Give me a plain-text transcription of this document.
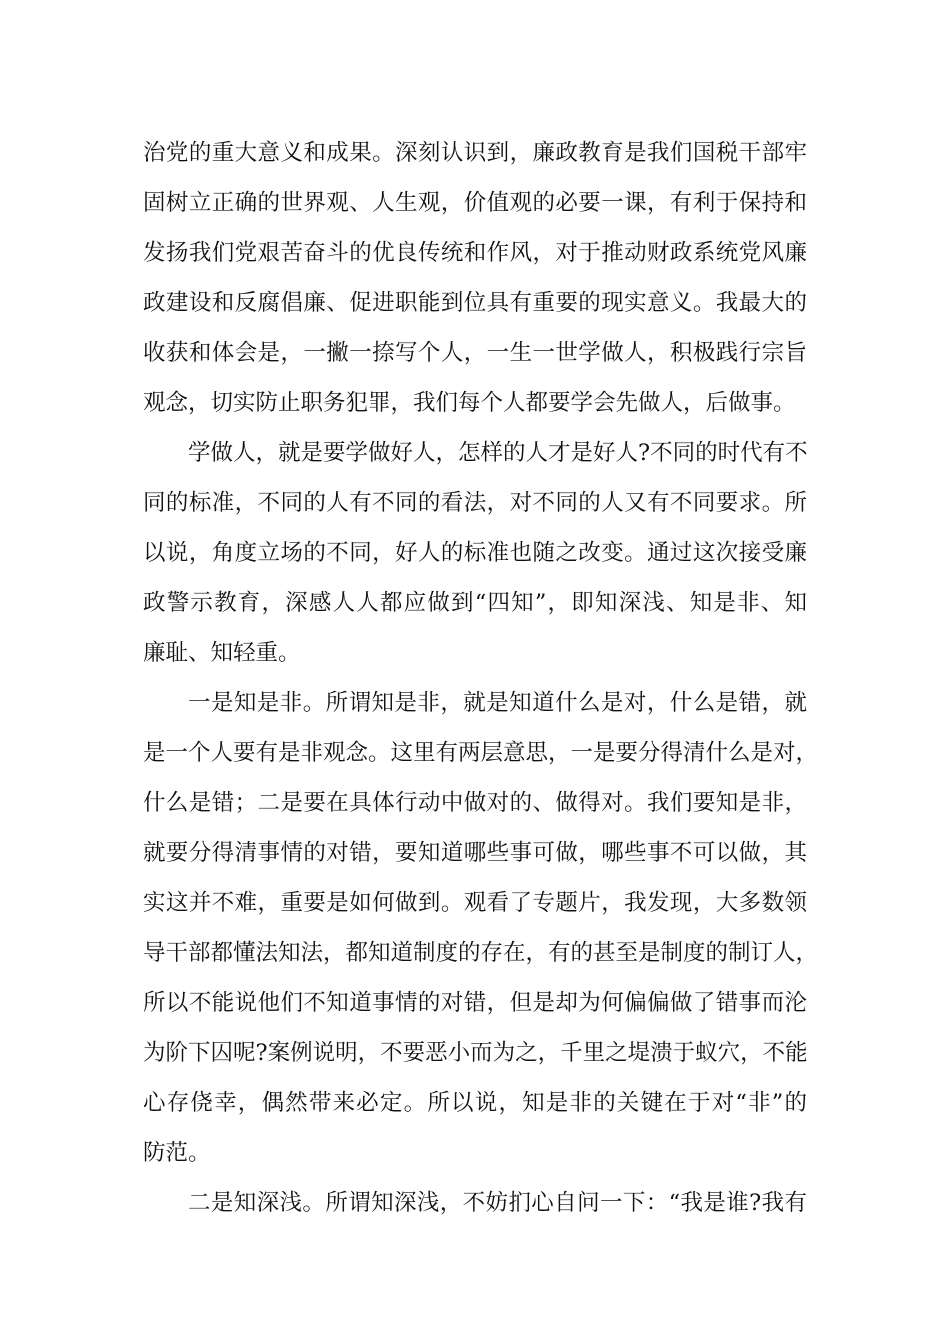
治党的重大意义和成果。深刻认识到，廉政教育是我们国税干部牢
固树立正确的世界观、人生观，价值观的必要一课，有利于保持和
发扬我们党艰苦奋斗的优良传统和作风，对于推动财政系统党风廉
政建设和反腐倡廉、促进职能到位具有重要的现实意义。我最大的
收获和体会是，一撇一捺写个人，一生一世学做人，积极践行宗旨
观念，切实防止职务犯罪，我们每个人都要学会先做人，后做事。
学做人，就是要学做好人，怎样的人才是好人?不同的时代有不
同的标准，不同的人有不同的看法，对不同的人又有不同要求。所
以说，角度立场的不同，好人的标准也随之改变。通过这次接受廉
政警示教育，深感人人都应做到“四知”，即知深浅、知是非、知
廉耻、知轻重。
一是知是非。所谓知是非，就是知道什么是对，什么是错，就
是一个人要有是非观念。这里有两层意思，一是要分得清什么是对，
什么是错；二是要在具体行动中做对的、做得对。我们要知是非，
就要分得清事情的对错，要知道哪些事可做，哪些事不可以做，其
实这并不难，重要是如何做到。观看了专题片，我发现，大多数领
导干部都懂法知法，都知道制度的存在，有的甚至是制度的制订人，
所以不能说他们不知道事情的对错，但是却为何偏偏做了错事而沦
为阶下囚呢?案例说明，不要恶小而为之，千里之堤溃于蚁穴，不能
心存侥幸，偶然带来必定。所以说，知是非的关键在于对“非”的
防范。
二是知深浅。所谓知深浅，不妨扪心自问一下：“我是谁?我有
